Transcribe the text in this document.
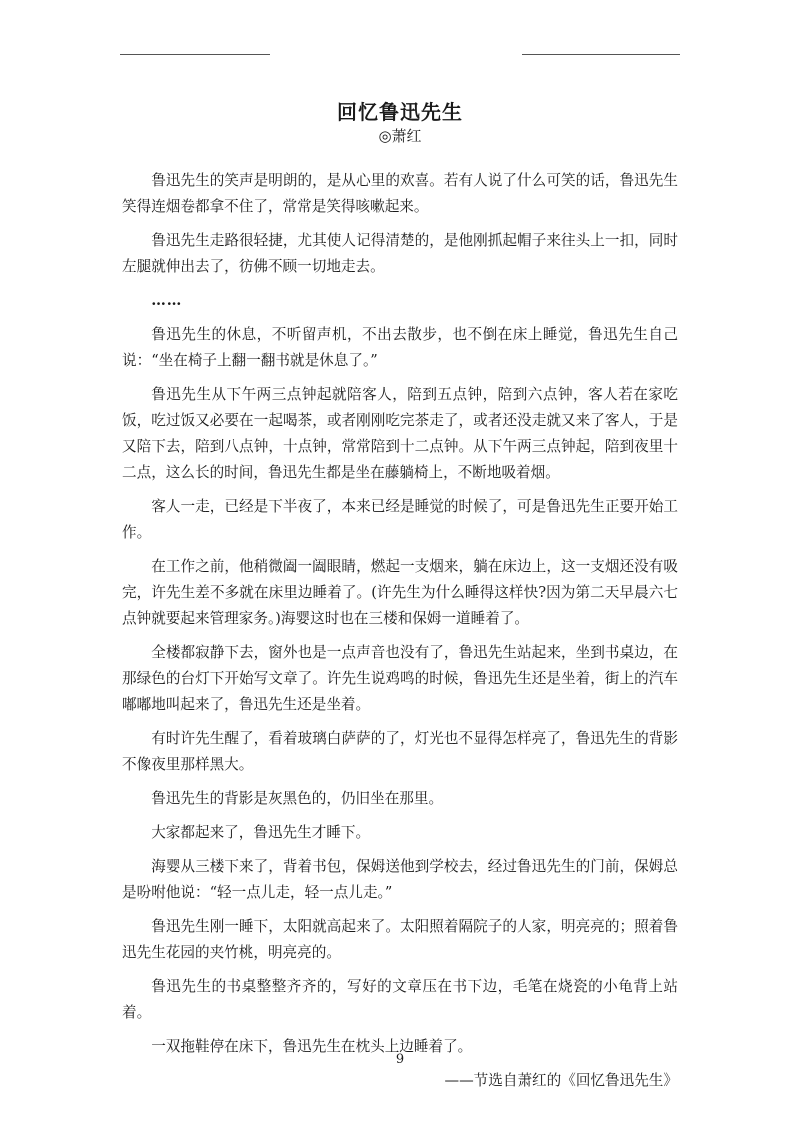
回忆鲁迅先生
◎萧红

鲁迅先生的笑声是明朗的，是从心里的欢喜。若有人说了什么可笑的话，鲁迅先生笑得连烟卷都拿不住了，常常是笑得咳嗽起来。

鲁迅先生走路很轻捷，尤其使人记得清楚的，是他刚抓起帽子来往头上一扣，同时左腿就伸出去了，彷佛不顾一切地走去。

……

鲁迅先生的休息，不听留声机，不出去散步，也不倒在床上睡觉，鲁迅先生自己说：“坐在椅子上翻一翻书就是休息了。”

鲁迅先生从下午两三点钟起就陪客人，陪到五点钟，陪到六点钟，客人若在家吃饭，吃过饭又必要在一起喝茶，或者刚刚吃完茶走了，或者还没走就又来了客人，于是又陪下去，陪到八点钟，十点钟，常常陪到十二点钟。从下午两三点钟起，陪到夜里十二点，这么长的时间，鲁迅先生都是坐在藤躺椅上，不断地吸着烟。

客人一走，已经是下半夜了，本来已经是睡觉的时候了，可是鲁迅先生正要开始工作。

在工作之前，他稍微阖一阖眼睛，燃起一支烟来，躺在床边上，这一支烟还没有吸完，许先生差不多就在床里边睡着了。(许先生为什么睡得这样快?因为第二天早晨六七点钟就要起来管理家务。)海婴这时也在三楼和保姆一道睡着了。

全楼都寂静下去，窗外也是一点声音也没有了，鲁迅先生站起来，坐到书桌边，在那绿色的台灯下开始写文章了。许先生说鸡鸣的时候，鲁迅先生还是坐着，街上的汽车嘟嘟地叫起来了，鲁迅先生还是坐着。

有时许先生醒了，看着玻璃白萨萨的了，灯光也不显得怎样亮了，鲁迅先生的背影不像夜里那样黑大。

鲁迅先生的背影是灰黑色的，仍旧坐在那里。

大家都起来了，鲁迅先生才睡下。

海婴从三楼下来了，背着书包，保姆送他到学校去，经过鲁迅先生的门前，保姆总是吩咐他说：“轻一点儿走，轻一点儿走。”

鲁迅先生刚一睡下，太阳就高起来了。太阳照着隔院子的人家，明亮亮的；照着鲁迅先生花园的夹竹桃，明亮亮的。

鲁迅先生的书桌整整齐齐的，写好的文章压在书下边，毛笔在烧瓷的小龟背上站着。

一双拖鞋停在床下，鲁迅先生在枕头上边睡着了。

——节选自萧红的《回忆鲁迅先生》

9
